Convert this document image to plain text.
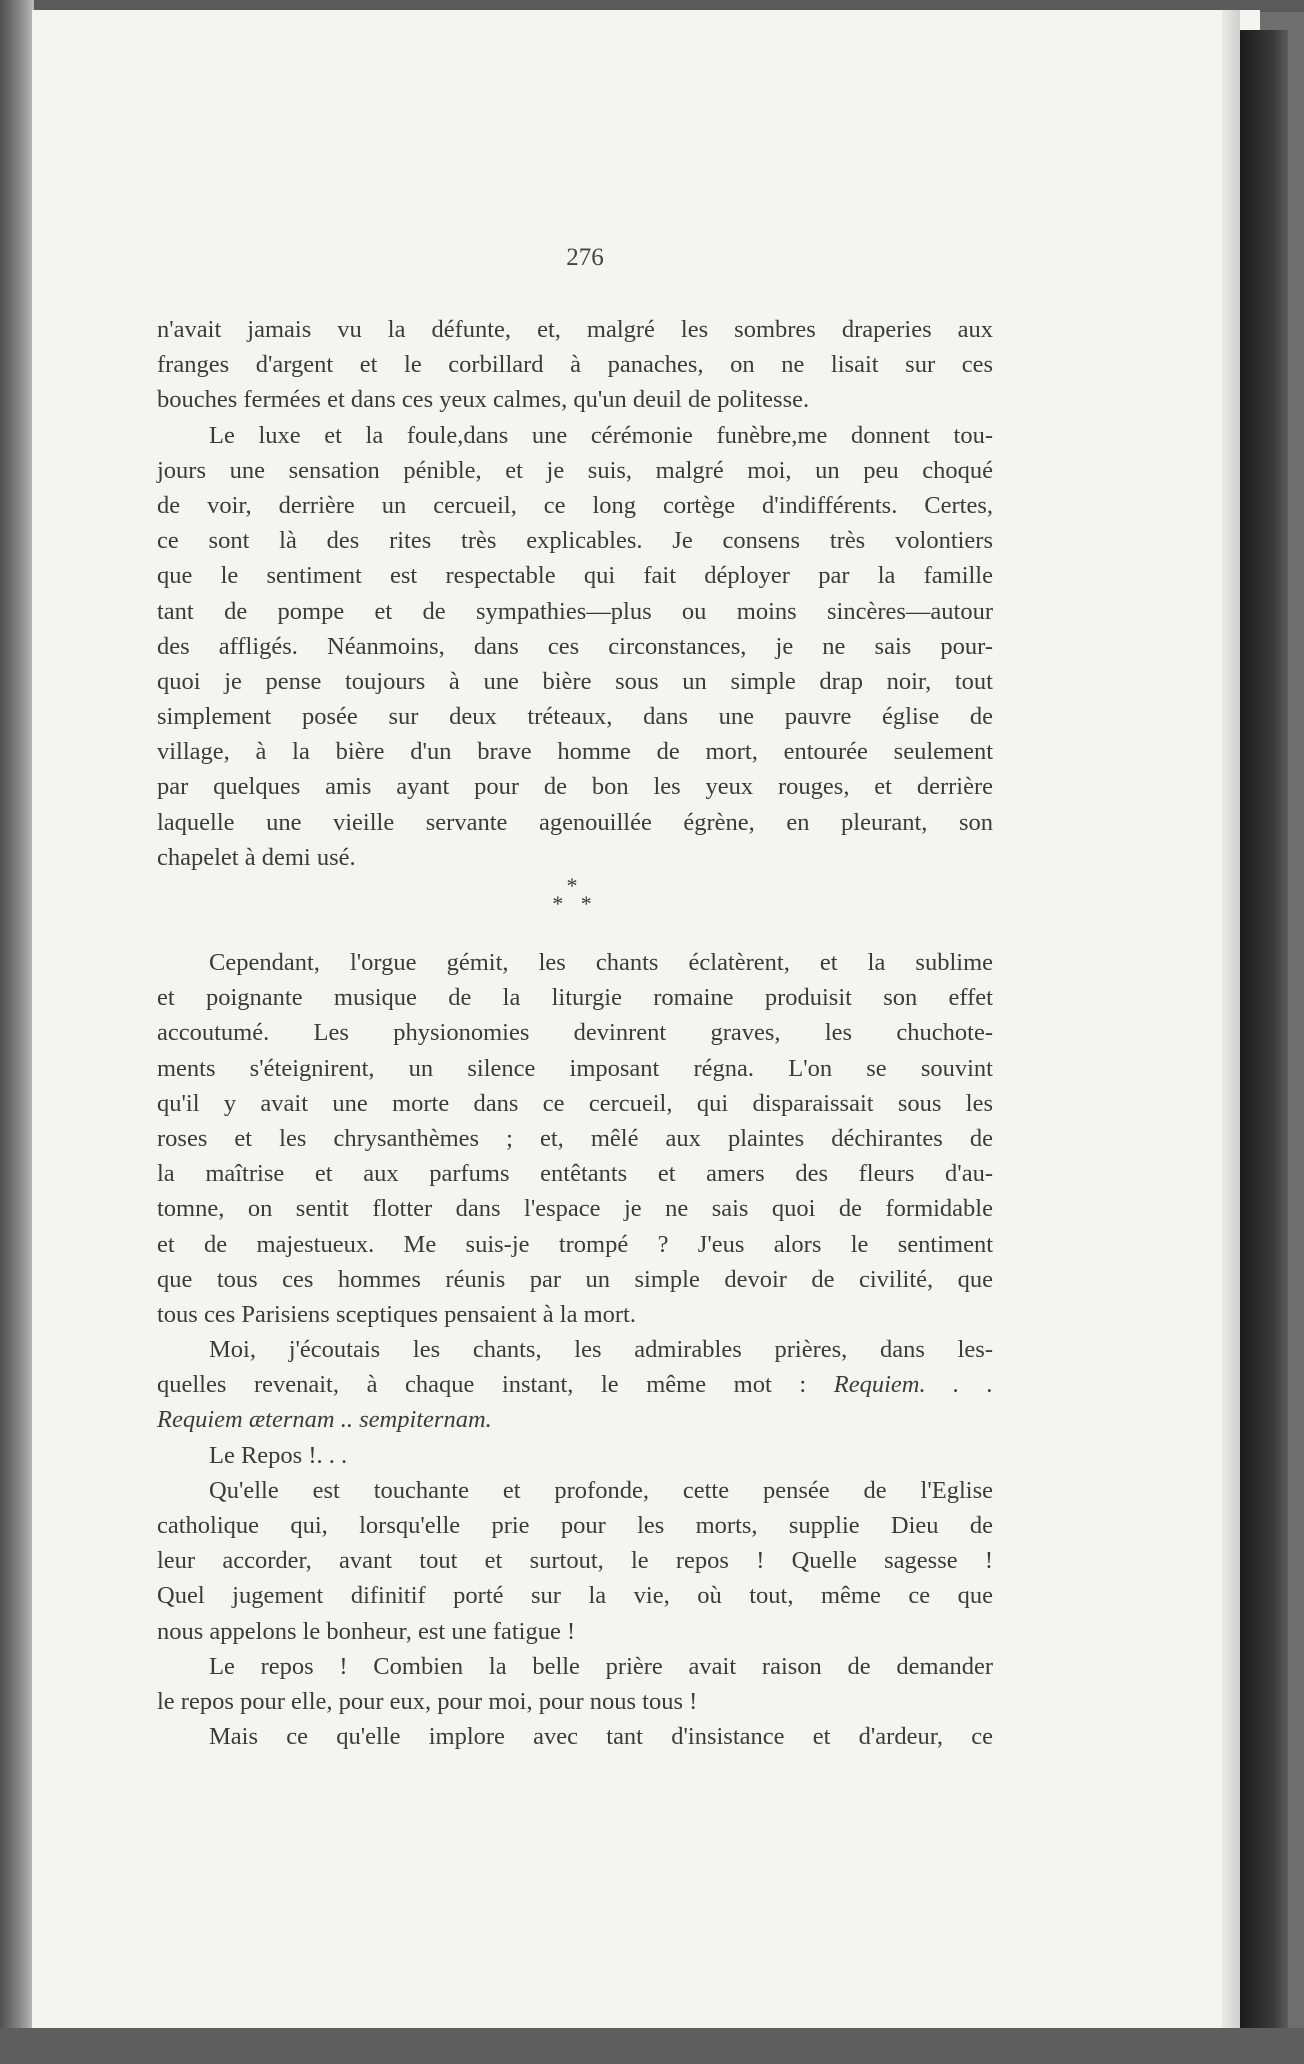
276
n'avait jamais vu la défunte, et, malgré les sombres draperies aux
franges d'argent et le corbillard à panaches, on ne lisait sur ces
bouches fermées et dans ces yeux calmes, qu'un deuil de politesse.
Le luxe et la foule,dans une cérémonie funèbre,me donnent tou-
jours une sensation pénible, et je suis, malgré moi, un peu choqué
de voir, derrière un cercueil, ce long cortège d'indifférents. Certes,
ce sont là des rites très explicables. Je consens très volontiers
que le sentiment est respectable qui fait déployer par la famille
tant de pompe et de sympathies—plus ou moins sincères—autour
des affligés. Néanmoins, dans ces circonstances, je ne sais pour-
quoi je pense toujours à une bière sous un simple drap noir, tout
simplement posée sur deux tréteaux, dans une pauvre église de
village, à la bière d'un brave homme de mort, entourée seulement
par quelques amis ayant pour de bon les yeux rouges, et derrière
laquelle une vieille servante agenouillée égrène, en pleurant, son
chapelet à demi usé.
*
* *
Cependant, l'orgue gémit, les chants éclatèrent, et la sublime
et poignante musique de la liturgie romaine produisit son effet
accoutumé. Les physionomies devinrent graves, les chuchote-
ments s'éteignirent, un silence imposant régna. L'on se souvint
qu'il y avait une morte dans ce cercueil, qui disparaissait sous les
roses et les chrysanthèmes ; et, mêlé aux plaintes déchirantes de
la maîtrise et aux parfums entêtants et amers des fleurs d'au-
tomne, on sentit flotter dans l'espace je ne sais quoi de formidable
et de majestueux. Me suis-je trompé ? J'eus alors le sentiment
que tous ces hommes réunis par un simple devoir de civilité, que
tous ces Parisiens sceptiques pensaient à la mort.
Moi, j'écoutais les chants, les admirables prières, dans les-
quelles revenait, à chaque instant, le même mot : Requiem. . .
Requiem æternam .. sempiternam.
Le Repos !. . .
Qu'elle est touchante et profonde, cette pensée de l'Eglise
catholique qui, lorsqu'elle prie pour les morts, supplie Dieu de
leur accorder, avant tout et surtout, le repos ! Quelle sagesse !
Quel jugement difinitif porté sur la vie, où tout, même ce que
nous appelons le bonheur, est une fatigue !
Le repos ! Combien la belle prière avait raison de demander
le repos pour elle, pour eux, pour moi, pour nous tous !
Mais ce qu'elle implore avec tant d'insistance et d'ardeur, ce
